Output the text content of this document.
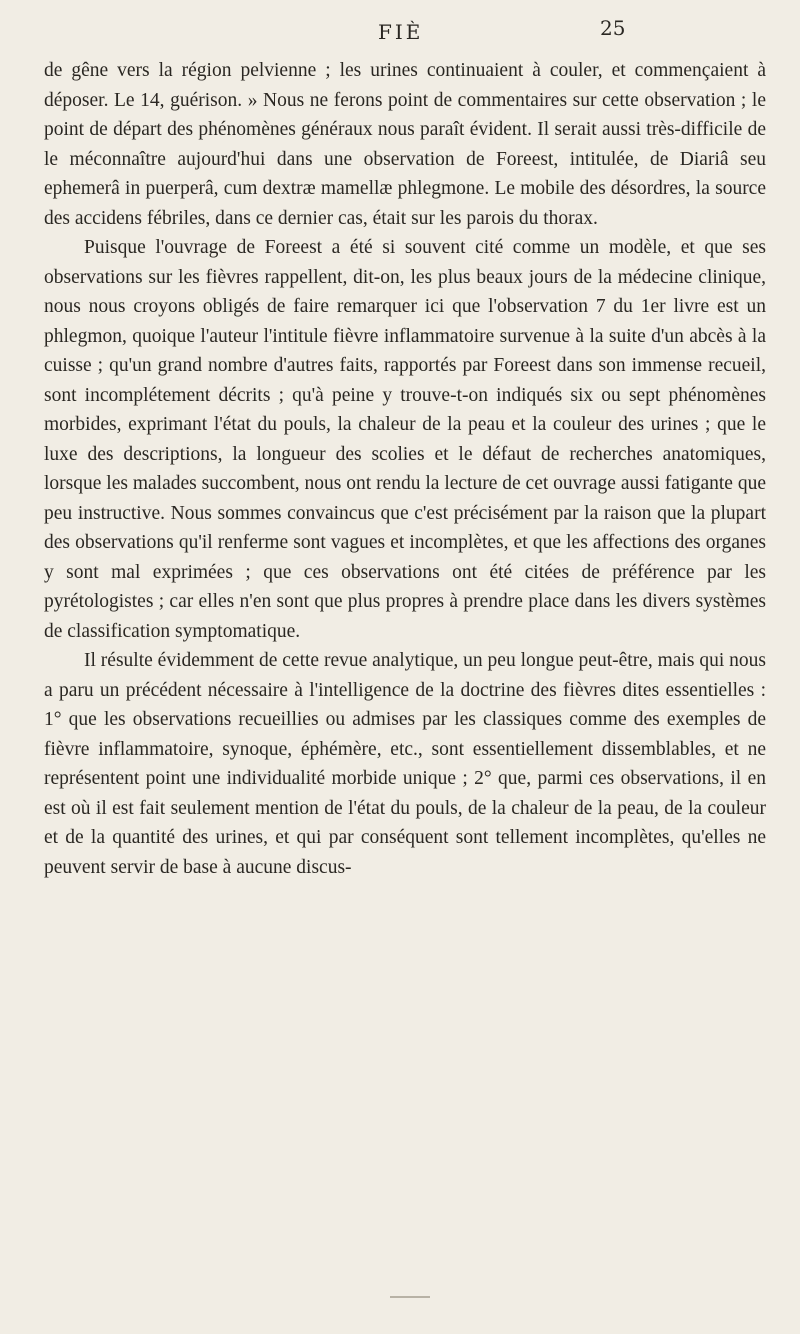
FIÈ	25

de gêne vers la région pelvienne ; les urines continuaient à couler, et commençaient à déposer. Le 14, guérison. » Nous ne ferons point de commentaires sur cette observation ; le point de départ des phénomènes généraux nous paraît évident. Il serait aussi très-difficile de le méconnaître aujourd'hui dans une observation de Foreest, intitulée, de Diariâ seu ephemerâ in puerperâ, cum dextræ mamellæ phlegmone. Le mobile des désordres, la source des accidens fébriles, dans ce dernier cas, était sur les parois du thorax.

Puisque l'ouvrage de Foreest a été si souvent cité comme un modèle, et que ses observations sur les fièvres rappellent, dit-on, les plus beaux jours de la médecine clinique, nous nous croyons obligés de faire remarquer ici que l'observation 7 du 1er livre est un phlegmon, quoique l'auteur l'intitule fièvre inflammatoire survenue à la suite d'un abcès à la cuisse ; qu'un grand nombre d'autres faits, rapportés par Foreest dans son immense recueil, sont incomplétement décrits ; qu'à peine y trouve-t-on indiqués six ou sept phénomènes morbides, exprimant l'état du pouls, la chaleur de la peau et la couleur des urines ; que le luxe des descriptions, la longueur des scolies et le défaut de recherches anatomiques, lorsque les malades succombent, nous ont rendu la lecture de cet ouvrage aussi fatigante que peu instructive. Nous sommes convaincus que c'est précisément par la raison que la plupart des observations qu'il renferme sont vagues et incomplètes, et que les affections des organes y sont mal exprimées ; que ces observations ont été citées de préférence par les pyrétologistes ; car elles n'en sont que plus propres à prendre place dans les divers systèmes de classification symptomatique.

Il résulte évidemment de cette revue analytique, un peu longue peut-être, mais qui nous a paru un précédent nécessaire à l'intelligence de la doctrine des fièvres dites essentielles : 1° que les observations recueillies ou admises par les classiques comme des exemples de fièvre inflammatoire, synoque, éphémère, etc., sont essentiellement dissemblables, et ne représentent point une individualité morbide unique ; 2° que, parmi ces observations, il en est où il est fait seulement mention de l'état du pouls, de la chaleur de la peau, de la couleur et de la quantité des urines, et qui par conséquent sont tellement incomplètes, qu'elles ne peuvent servir de base à aucune discus-
